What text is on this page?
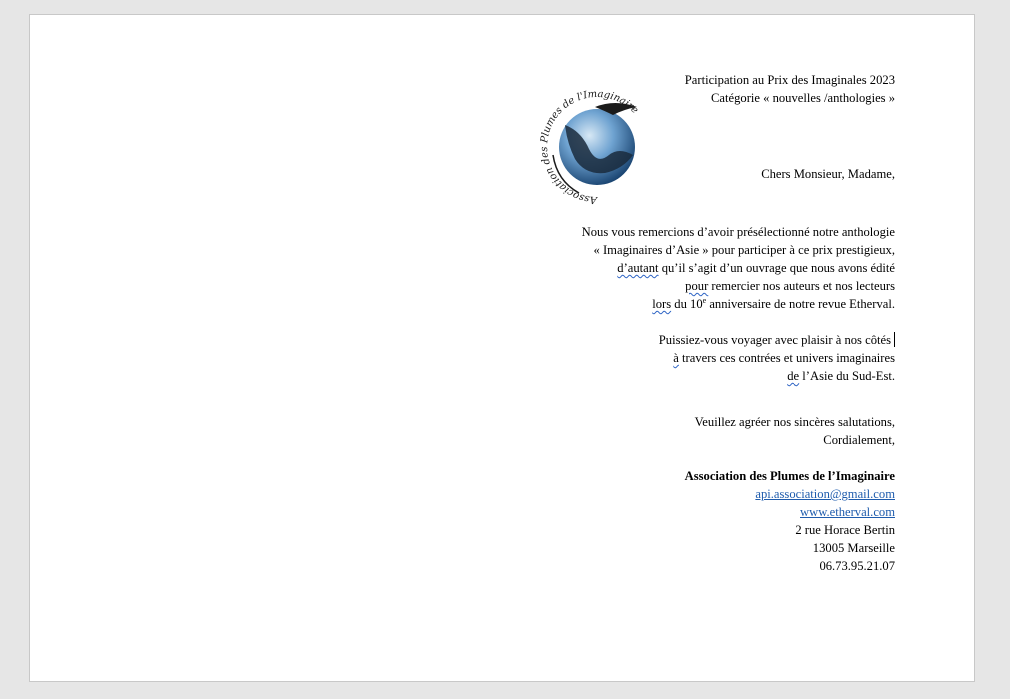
Association des Plumes de l'Imaginaire
Participation au Prix des Imaginales 2023
Catégorie « nouvelles /anthologies »
Chers Monsieur, Madame,
Nous vous remercions d’avoir présélectionné notre anthologie
« Imaginaires d’Asie » pour participer à ce prix prestigieux,
d’autant qu’il s’agit d’un ouvrage que nous avons édité
pour remercier nos auteurs et nos lecteurs
lors du 10e anniversaire de notre revue Etherval.
Puissiez-vous voyager avec plaisir à nos côtés
à travers ces contrées et univers imaginaires
de l’Asie du Sud-Est.
Veuillez agréer nos sincères salutations,
Cordialement,
Association des Plumes de l’Imaginaire
api.association@gmail.com
www.etherval.com
2 rue Horace Bertin
13005 Marseille
06.73.95.21.07
